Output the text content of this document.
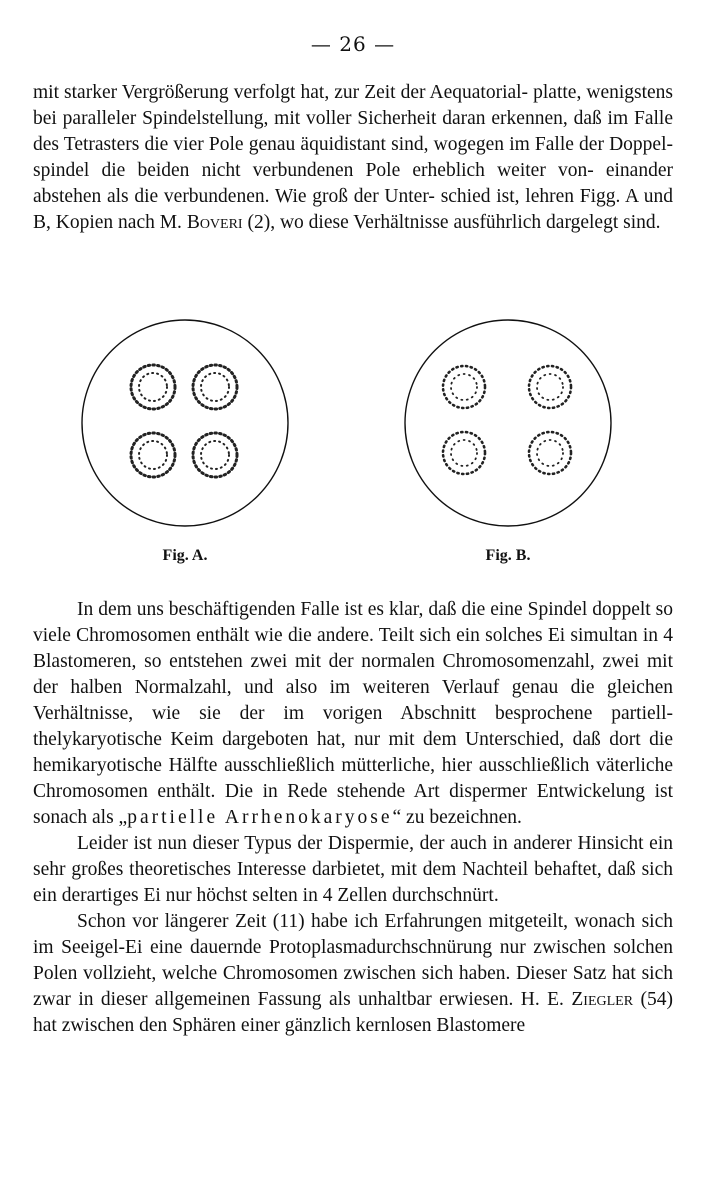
— 26 —

mit starker Vergrößerung verfolgt hat, zur Zeit der Aequatorial- platte, wenigstens bei paralleler Spindelstellung, mit voller Sicherheit daran erkennen, daß im Falle des Tetrasters die vier Pole genau äquidistant sind, wogegen im Falle der Doppel- spindel die beiden nicht verbundenen Pole erheblich weiter von- einander abstehen als die verbundenen. Wie groß der Unter- schied ist, lehren Figg. A und B, Kopien nach M. Boveri (2), wo diese Verhältnisse ausführlich dargelegt sind.

Fig. A.	Fig. B.

In dem uns beschäftigenden Falle ist es klar, daß die eine Spindel doppelt so viele Chromosomen enthält wie die andere. Teilt sich ein solches Ei simultan in 4 Blastomeren, so entstehen zwei mit der normalen Chromosomenzahl, zwei mit der halben Normalzahl, und also im weiteren Verlauf genau die gleichen Verhältnisse, wie sie der im vorigen Abschnitt besprochene partiell-thelykaryotische Keim dargeboten hat, nur mit dem Unterschied, daß dort die hemikaryotische Hälfte ausschließlich mütterliche, hier ausschließlich väterliche Chromosomen enthält. Die in Rede stehende Art dispermer Entwickelung ist sonach als „partielle Arrhenokaryose“ zu bezeichnen.

Leider ist nun dieser Typus der Dispermie, der auch in anderer Hinsicht ein sehr großes theoretisches Interesse darbietet, mit dem Nachteil behaftet, daß sich ein derartiges Ei nur höchst selten in 4 Zellen durchschnürt.

Schon vor längerer Zeit (11) habe ich Erfahrungen mitgeteilt, wonach sich im Seeigel-Ei eine dauernde Protoplasmadurchschnürung nur zwischen solchen Polen vollzieht, welche Chromosomen zwischen sich haben. Dieser Satz hat sich zwar in dieser allgemeinen Fassung als unhaltbar erwiesen. H. E. Ziegler (54) hat zwischen den Sphären einer gänzlich kernlosen Blastomere
